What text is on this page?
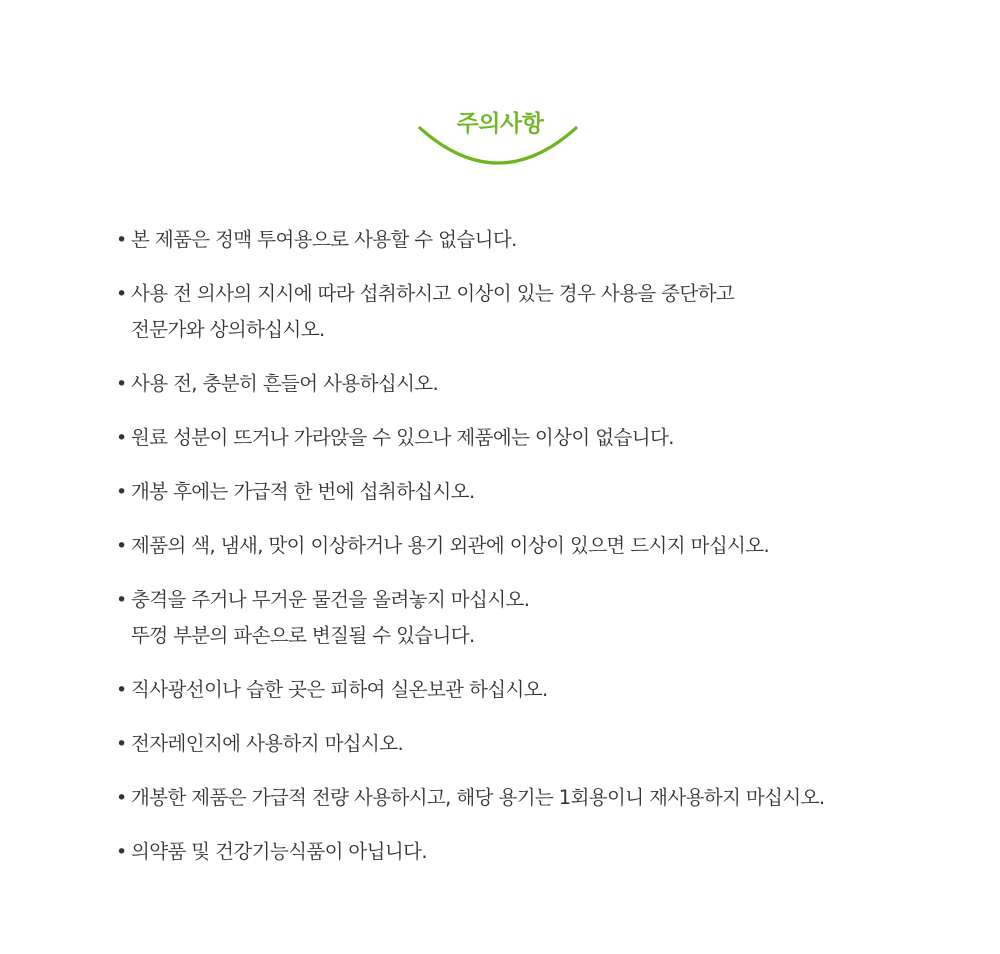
주의사항
• 본 제품은 정맥 투여용으로 사용할 수 없습니다.
• 사용 전 의사의 지시에 따라 섭취하시고 이상이 있는 경우 사용을 중단하고
전문가와 상의하십시오.
• 사용 전, 충분히 흔들어 사용하십시오.
• 원료 성분이 뜨거나 가라앉을 수 있으나 제품에는 이상이 없습니다.
• 개봉 후에는 가급적 한 번에 섭취하십시오.
• 제품의 색, 냄새, 맛이 이상하거나 용기 외관에 이상이 있으면 드시지 마십시오.
• 충격을 주거나 무거운 물건을 올려놓지 마십시오.
뚜껑 부분의 파손으로 변질될 수 있습니다.
• 직사광선이나 습한 곳은 피하여 실온보관 하십시오.
• 전자레인지에 사용하지 마십시오.
• 개봉한 제품은 가급적 전량 사용하시고, 해당 용기는 1회용이니 재사용하지 마십시오.
• 의약품 및 건강기능식품이 아닙니다.
